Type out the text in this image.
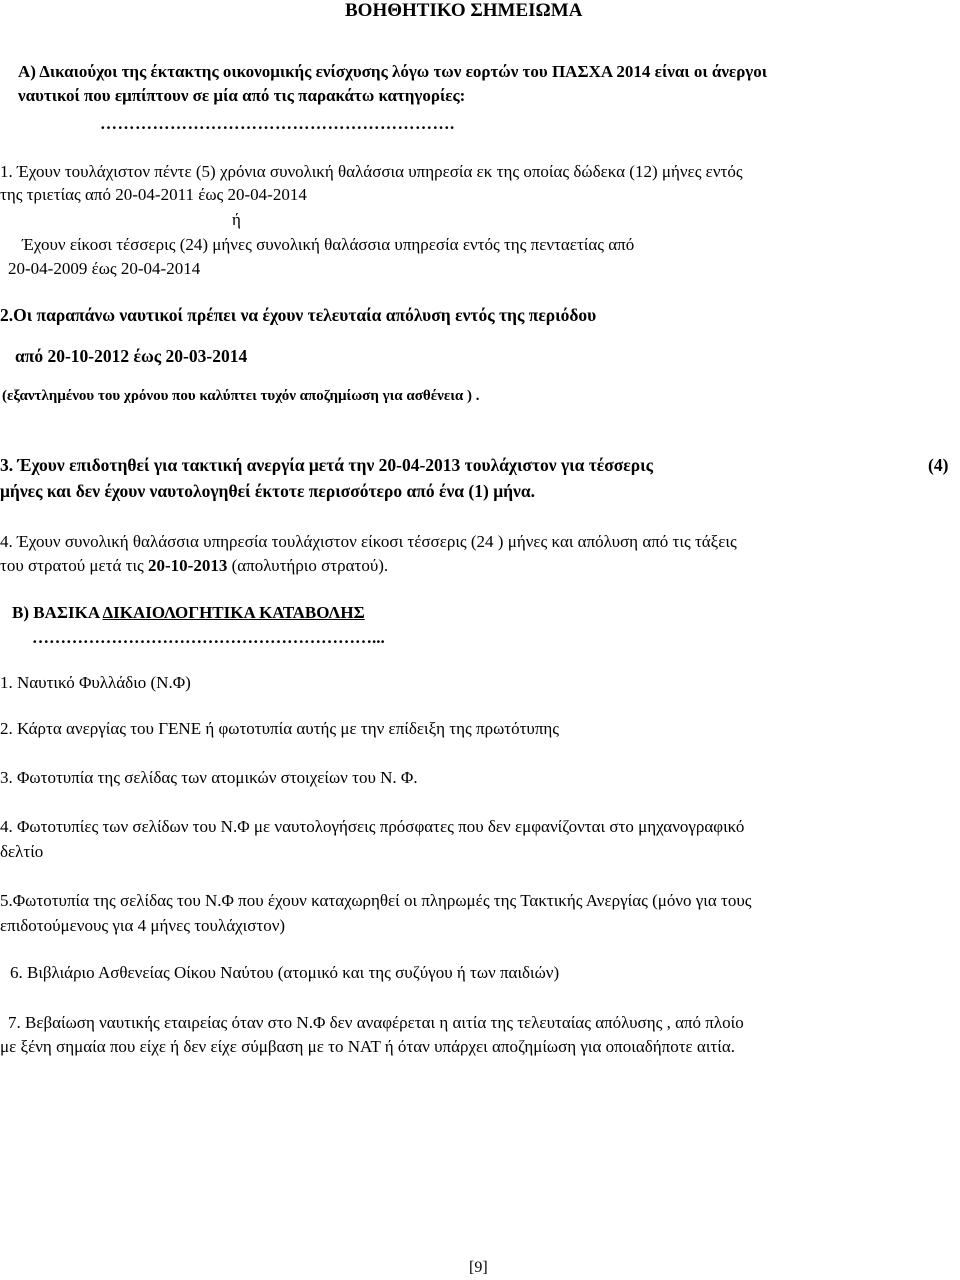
ΒΟΗΘΗΤΙΚΟ ΣΗΜΕΙΩΜΑ
Α) Δικαιούχοι της έκτακτης οικονομικής ενίσχυσης λόγω των εορτών του ΠΑΣΧΑ 2014 είναι οι άνεργοι
ναυτικοί που εμπίπτουν σε μία από τις παρακάτω κατηγορίες:
…………………………………………………….
1. Έχουν τουλάχιστον πέντε (5) χρόνια συνολική θαλάσσια υπηρεσία εκ της οποίας δώδεκα (12) μήνες εντός
της τριετίας από 20-04-2011 έως 20-04-2014
ή
Έχουν είκοσι τέσσερις (24) μήνες συνολική θαλάσσια υπηρεσία εντός της πενταετίας από
20-04-2009 έως 20-04-2014
2.Οι παραπάνω ναυτικοί πρέπει να έχουν τελευταία απόλυση εντός της περιόδου
από 20-10-2012 έως 20-03-2014
(εξαντλημένου του χρόνου που καλύπτει τυχόν αποζημίωση για ασθένεια ) .
3. Έχουν επιδοτηθεί για τακτική ανεργία μετά την 20-04-2013 τουλάχιστον για τέσσερις	(4)
μήνες και δεν έχουν ναυτολογηθεί έκτοτε περισσότερο από ένα (1) μήνα.
4. Έχουν συνολική θαλάσσια υπηρεσία τουλάχιστον είκοσι τέσσερις (24 ) μήνες και απόλυση από τις τάξεις
του στρατού μετά τις 20-10-2013 (απολυτήριο στρατού).
Β) ΒΑΣΙΚΑ ΔΙΚΑΙΟΛΟΓΗΤΙΚΑ ΚΑΤΑΒΟΛΗΣ
……………………………………………………...
1. Ναυτικό Φυλλάδιο (Ν.Φ)
2. Κάρτα ανεργίας του ΓΕΝΕ ή φωτοτυπία αυτής με την επίδειξη της πρωτότυπης
3. Φωτοτυπία της σελίδας των ατομικών στοιχείων του Ν. Φ.
4. Φωτοτυπίες των σελίδων του Ν.Φ με ναυτολογήσεις πρόσφατες που δεν εμφανίζονται στο μηχανογραφικό
δελτίο
5.Φωτοτυπία της σελίδας του Ν.Φ που έχουν καταχωρηθεί οι πληρωμές της Τακτικής Ανεργίας (μόνο για τους
επιδοτούμενους για 4 μήνες τουλάχιστον)
6. Βιβλιάριο Ασθενείας Οίκου Ναύτου (ατομικό και της συζύγου ή των παιδιών)
7. Βεβαίωση ναυτικής εταιρείας όταν στο Ν.Φ δεν αναφέρεται η αιτία της τελευταίας απόλυσης , από πλοίο
με ξένη σημαία που είχε ή δεν είχε σύμβαση με το ΝΑΤ ή όταν υπάρχει αποζημίωση για οποιαδήποτε αιτία.
[9]
